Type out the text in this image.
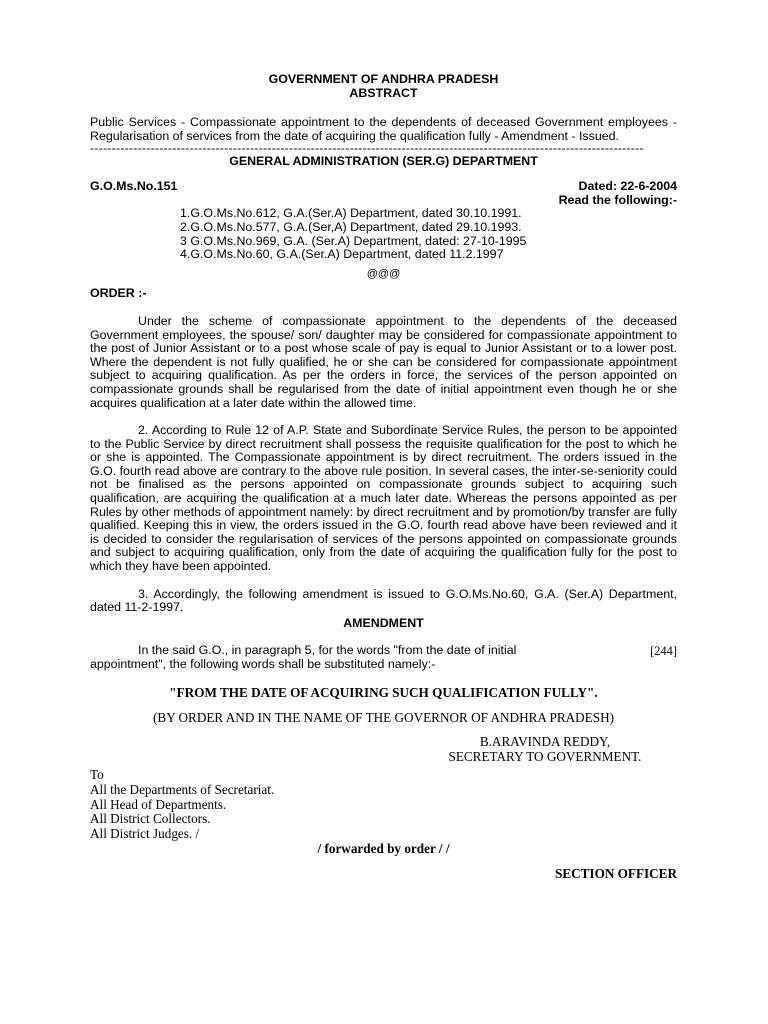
GOVERNMENT OF ANDHRA PRADESH
ABSTRACT
Public Services - Compassionate appointment to the dependents of deceased Government employees - Regularisation of services from the date of acquiring the qualification fully - Amendment - Issued.
--------------------------------------------------------------------------------------------------------------------------------
GENERAL ADMINISTRATION (SER.G) DEPARTMENT
G.O.Ms.No.151	Dated: 22-6-2004
Read the following:-
1.G.O.Ms.No.612, G.A.(Ser.A) Department, dated 30.10.1991.
2.G.O.Ms.No.577, G.A.(Ser,A) Department, dated 29.10.1993.
3 G.O.Ms.No.969, G.A. (Ser.A) Department, dated: 27-10-1995
4.G.O.Ms.No.60, G.A.(Ser.A) Department, dated 11.2.1997
@@@
ORDER :-

Under the scheme of compassionate appointment to the dependents of the deceased Government employees, the spouse/ son/ daughter may be considered for compassionate appointment to the post of Junior Assistant or to a post whose scale of pay is equal to Junior Assistant or to a lower post. Where the dependent is not fully qualified, he or she can be considered for compassionate appointment subject to acquiring qualification. As per the orders in force, the services of the person appointed on compassionate grounds shall be regularised from the date of initial appointment even though he or she acquires qualification at a later date within the allowed time.

2. According to Rule 12 of A.P. State and Subordinate Service Rules, the person to be appointed to the Public Service by direct recruitment shall possess the requisite qualification for the post to which he or she is appointed. The Compassionate appointment is by direct recruitment. The orders issued in the G.O. fourth read above are contrary to the above rule position. In several cases, the inter-se-seniority could not be finalised as the persons appointed on compassionate grounds subject to acquiring such qualification, are acquiring the qualification at a much later date. Whereas the persons appointed as per Rules by other methods of appointment namely: by direct recruitment and by promotion/by transfer are fully qualified. Keeping this in view, the orders issued in the G.O. fourth read above have been reviewed and it is decided to consider the regularisation of services of the persons appointed on compassionate grounds and subject to acquiring qualification, only from the date of acquiring the qualification fully for the post to which they have been appointed.

3. Accordingly, the following amendment is issued to G.O.Ms.No.60, G.A. (Ser.A) Department, dated 11-2-1997.

AMENDMENT
In the said G.O., in paragraph 5, for the words "from the date of initial	[244]
appointment", the following words shall be substituted namely:-
"FROM THE DATE OF ACQUIRING SUCH QUALIFICATION FULLY".
(BY ORDER AND IN THE NAME OF THE GOVERNOR OF ANDHRA PRADESH)
B.ARAVINDA REDDY,
SECRETARY TO GOVERNMENT.
To
All the Departments of Secretariat.
All Head of Departments.
All District Collectors.
All District Judges. /
/ forwarded by order / /
SECTION OFFICER
